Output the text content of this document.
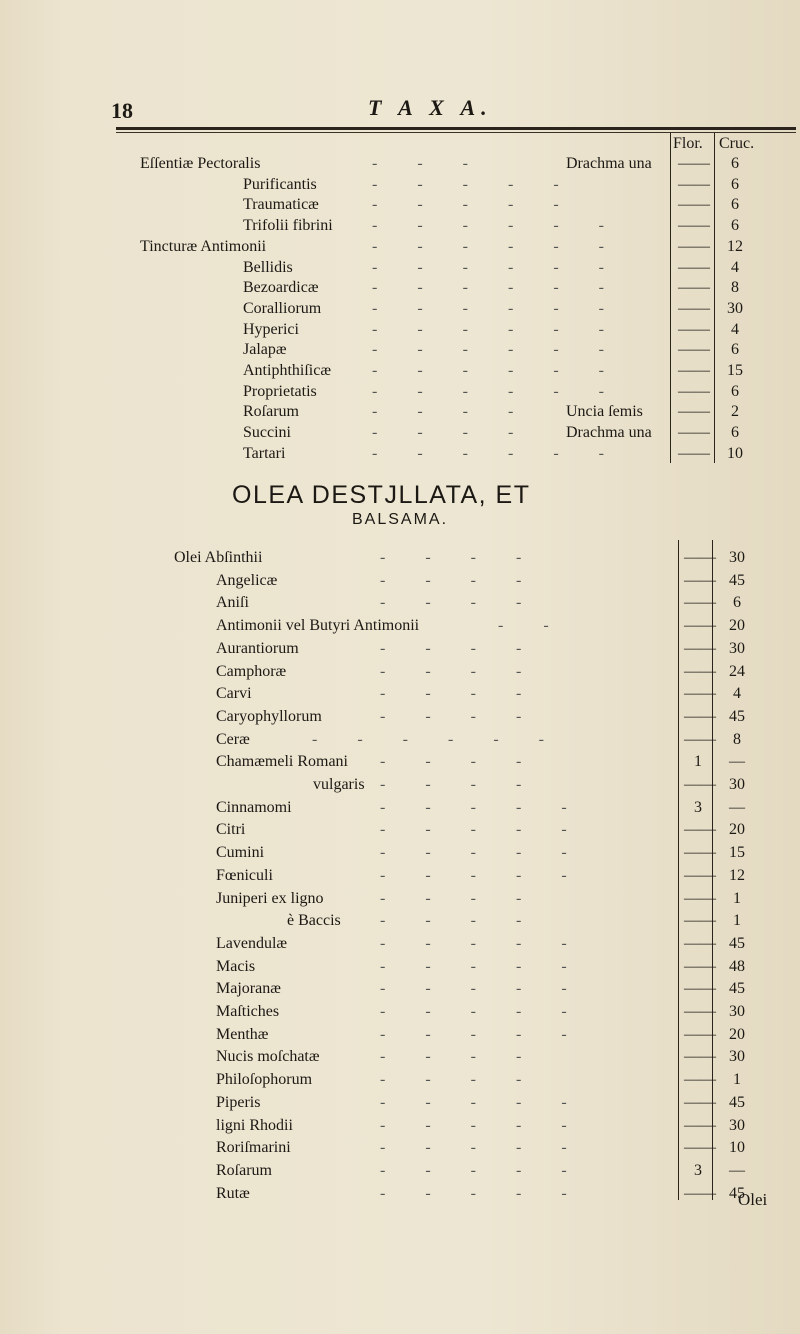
18	T A X A.
Flor. Cruc.
Eſſentiæ Pectoralis	- - -	Drachma una ——	6
Purificantis	- - - - -	——	6
Traumaticæ	- - - - -	——	6
Trifolii fibrini - - - - - -	——	6
Tincturæ Antimonii	- - - - - -	——	12
Bellidis	- - - - - -	——	4
Bezoardicæ	- - - - - -	——	8
Coralliorum	- - - - - -	——	30
Hyperici	- - - - - -	——	4
Jalapæ	- - - - - -	——	6
Antiphthiſicæ	- - - - - -	——	15
Proprietatis	- - - - - -	——	6
Roſarum	- - - - Uncia ſemis ——	2
Succini	- - - - Drachma una ——	6
Tartari	- - - - - -	——	10
OLEA DESTJLLATA, ET
BALSAMA.
Olei Abſinthii	- - - -	—— 30
Angelicæ	- - - -	—— 45
Aniſi	- - - -	——	6
Antimonii vel Butyri Antimonii	- -	—— 20
Aurantiorum	- - - -	—— 30
Camphoræ	- - - -	—— 24
Carvi	- - - -	——	4
Caryophyllorum	- - - -	—— 45
Ceræ	- - - - - -	——	8
Chamæmeli Romani - - - -	1	—
vulgaris - - - -	—— 30
Cinnamomi	- - - - -	3	—
Citri	- - - - -	—— 20
Cumini	- - - - -	—— 15
Fœniculi	- - - - -	—— 12
Juniperi ex ligno	- - - -	——	1
è Baccis - - - -	——	1
Lavendulæ	- - - - -	—— 45
Macis	- - - - -	—— 48
Majoranæ	- - - - -	—— 45
Maſtiches	- - - - -	—— 30
Menthæ	- - - - -	—— 20
Nucis moſchatæ	- - - -	—— 30
Philoſophorum	- - - -	——	1
Piperis	- - - - -	—— 45
ligni Rhodii	- - - - -	—— 30
Roriſmarini	- - - - -	—— 10
Roſarum	- - - - -	3	—
Rutæ	- - - - -	—— 45
Olei
